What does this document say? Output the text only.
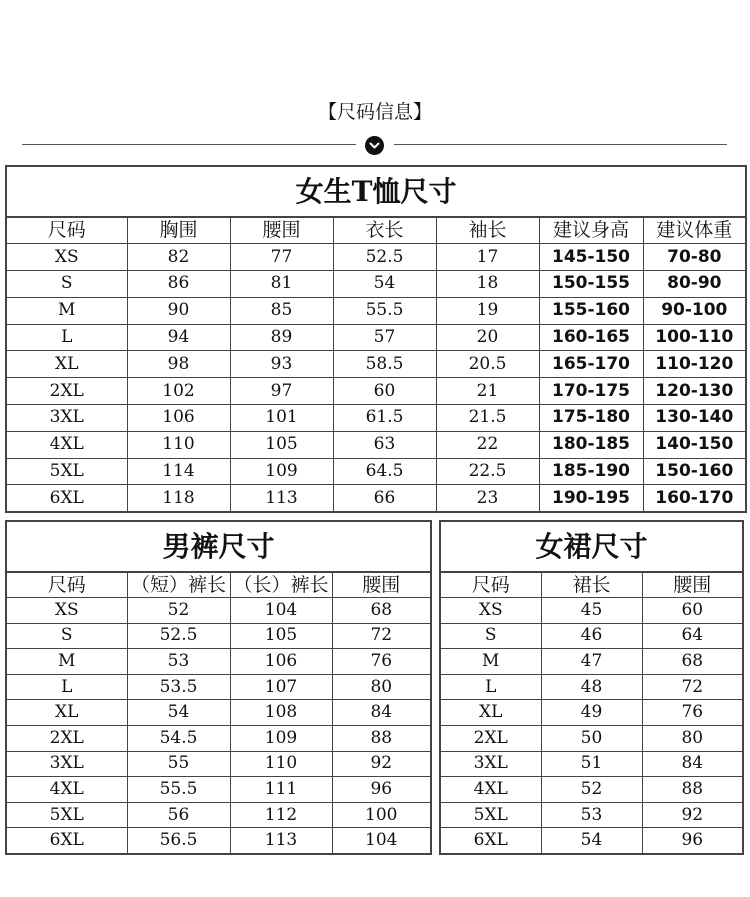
【尺码信息】
女生T恤尺寸						
尺码	胸围	腰围	衣长	袖长	建议身高	建议体重
XS	82	77	52.5	17	145-150	70-80
S	86	81	54	18	150-155	80-90
M	90	85	55.5	19	155-160	90-100
L	94	89	57	20	160-165	100-110
XL	98	93	58.5	20.5	165-170	110-120
2XL	102	97	60	21	170-175	120-130
3XL	106	101	61.5	21.5	175-180	130-140
4XL	110	105	63	22	180-185	140-150
5XL	114	109	64.5	22.5	185-190	150-160
6XL	118	113	66	23	190-195	160-170
男裤尺寸			
尺码	（短）裤长	（长）裤长	腰围
XS	52	104	68
S	52.5	105	72
M	53	106	76
L	53.5	107	80
XL	54	108	84
2XL	54.5	109	88
3XL	55	110	92
4XL	55.5	111	96
5XL	56	112	100
6XL	56.5	113	104
女裙尺寸		
尺码	裙长	腰围
XS	45	60
S	46	64
M	47	68
L	48	72
XL	49	76
2XL	50	80
3XL	51	84
4XL	52	88
5XL	53	92
6XL	54	96
